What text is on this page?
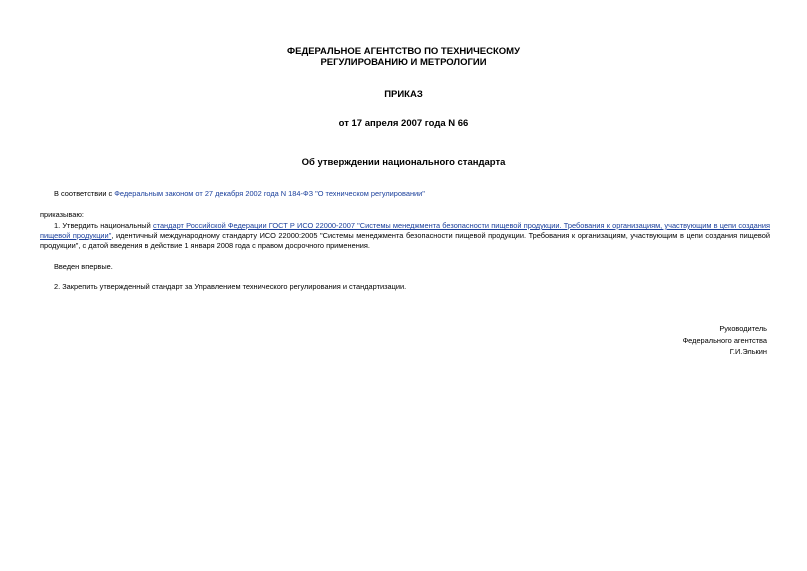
ФЕДЕРАЛЬНОЕ АГЕНТСТВО ПО ТЕХНИЧЕСКОМУ
РЕГУЛИРОВАНИЮ И МЕТРОЛОГИИ
ПРИКАЗ
от 17 апреля 2007 года N 66
Об утверждении национального стандарта
В соответствии с Федеральным законом от 27 декабря 2002 года N 184-ФЗ "О техническом регулировании"
приказываю:
1. Утвердить национальный стандарт Российской Федерации ГОСТ Р ИСО 22000-2007 "Системы менеджмента безопасности пищевой продукции. Требования к организациям, участвующим в цепи создания пищевой продукции", идентичный международному стандарту ИСО 22000:2005 "Системы менеджмента безопасности пищевой продукции. Требования к организациям, участвующим в цепи создания пищевой продукции", с датой введения в действие 1 января 2008 года с правом досрочного применения.
Введен впервые.
2. Закрепить утвержденный стандарт за Управлением технического регулирования и стандартизации.
Руководитель
Федерального агентства
Г.И.Элькин
